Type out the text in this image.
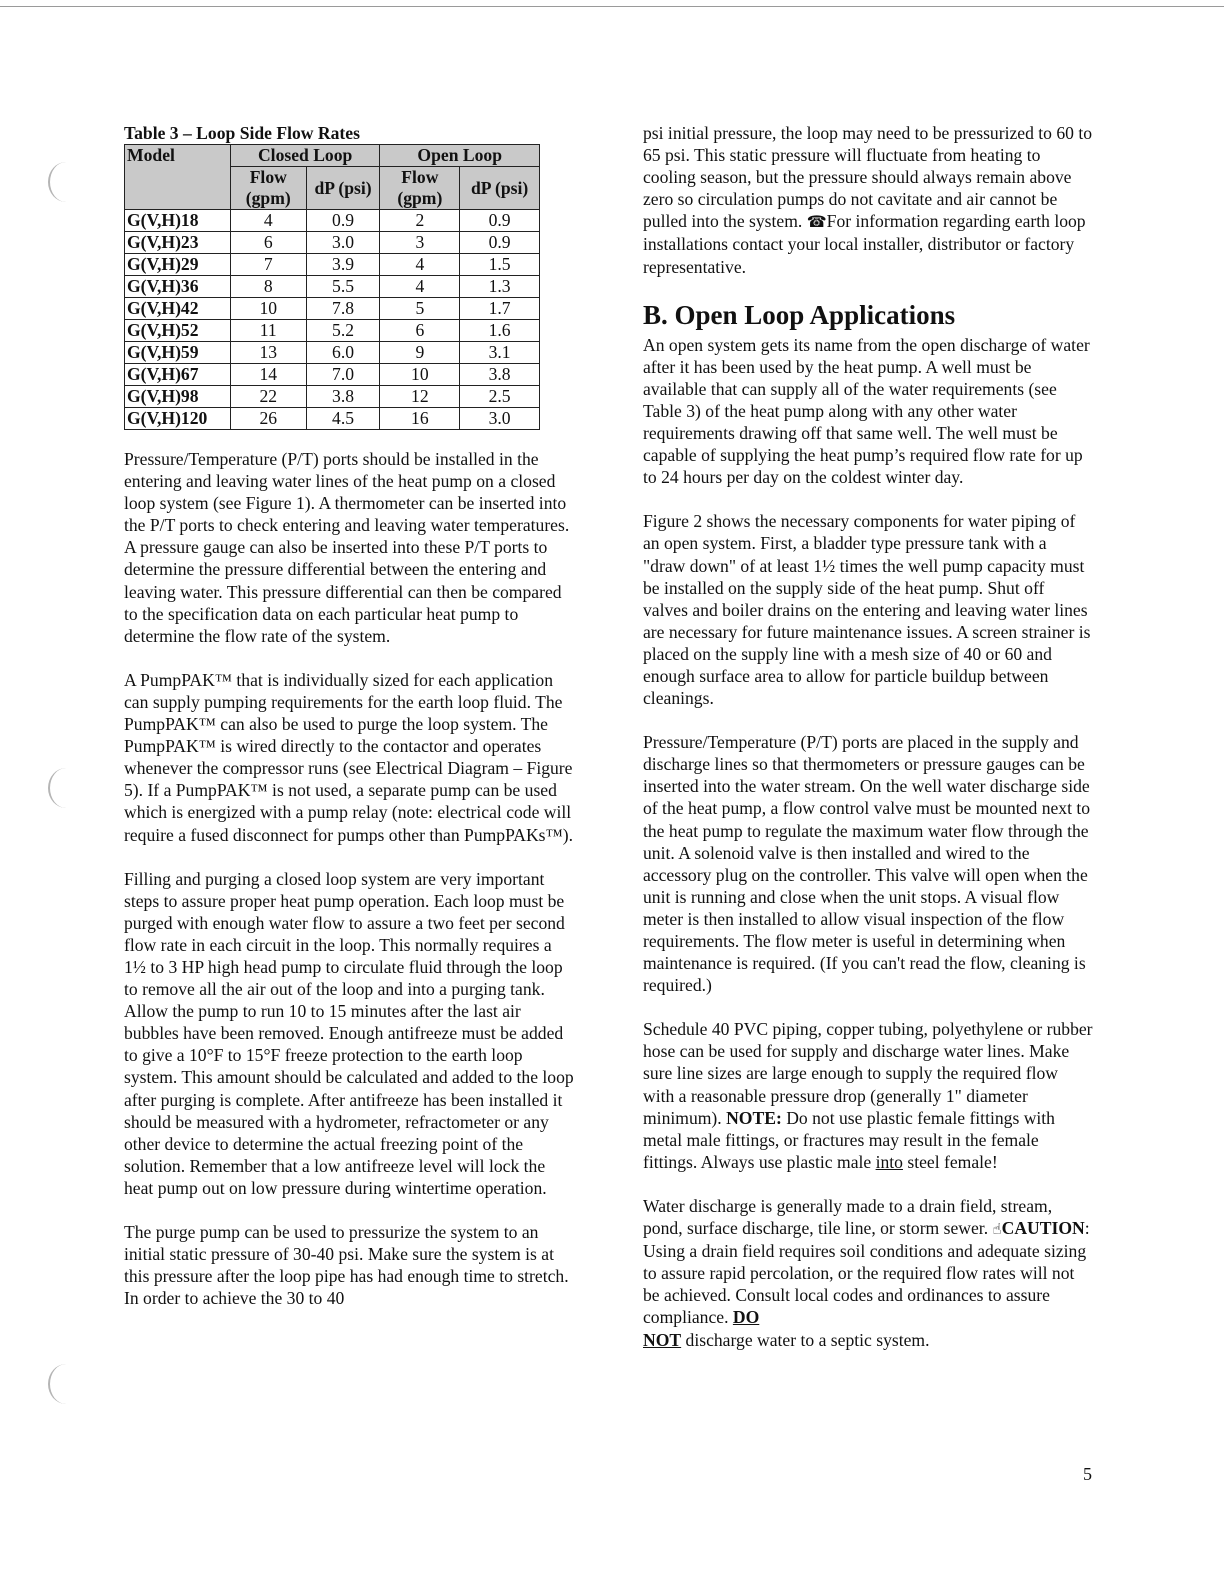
Table 3 – Loop Side Flow Rates
Model	Closed Loop		Open Loop	
	Flow (gpm)	dP (psi)	Flow (gpm)	dP (psi)
G(V,H)18	4	0.9	2	0.9
G(V,H)23	6	3.0	3	0.9
G(V,H)29	7	3.9	4	1.5
G(V,H)36	8	5.5	4	1.3
G(V,H)42	10	7.8	5	1.7
G(V,H)52	11	5.2	6	1.6
G(V,H)59	13	6.0	9	3.1
G(V,H)67	14	7.0	10	3.8
G(V,H)98	22	3.8	12	2.5
G(V,H)120	26	4.5	16	3.0

Pressure/Temperature (P/T) ports should be installed in the entering and leaving water lines of the heat pump on a closed loop system (see Figure 1). A thermometer can be inserted into the P/T ports to check entering and leaving water temperatures. A pressure gauge can also be inserted into these P/T ports to determine the pressure differential between the entering and leaving water. This pressure differential can then be compared to the specification data on each particular heat pump to determine the flow rate of the system.

A PumpPAK™ that is individually sized for each application can supply pumping requirements for the earth loop fluid. The PumpPAK™ can also be used to purge the loop system. The PumpPAK™ is wired directly to the contactor and operates whenever the compressor runs (see Electrical Diagram – Figure 5). If a PumpPAK™ is not used, a separate pump can be used which is energized with a pump relay (note: electrical code will require a fused disconnect for pumps other than PumpPAKs™).

Filling and purging a closed loop system are very important steps to assure proper heat pump operation. Each loop must be purged with enough water flow to assure a two feet per second flow rate in each circuit in the loop. This normally requires a 1½ to 3 HP high head pump to circulate fluid through the loop to remove all the air out of the loop and into a purging tank. Allow the pump to run 10 to 15 minutes after the last air bubbles have been removed. Enough antifreeze must be added to give a 10°F to 15°F freeze protection to the earth loop system. This amount should be calculated and added to the loop after purging is complete. After antifreeze has been installed it should be measured with a hydrometer, refractometer or any other device to determine the actual freezing point of the solution. Remember that a low antifreeze level will lock the heat pump out on low pressure during wintertime operation.

The purge pump can be used to pressurize the system to an initial static pressure of 30-40 psi. Make sure the system is at this pressure after the loop pipe has had enough time to stretch. In order to achieve the 30 to 40

psi initial pressure, the loop may need to be pressurized to 60 to 65 psi. This static pressure will fluctuate from heating to cooling season, but the pressure should always remain above zero so circulation pumps do not cavitate and air cannot be pulled into the system. ☎For information regarding earth loop installations contact your local installer, distributor or factory representative.

B. Open Loop Applications

An open system gets its name from the open discharge of water after it has been used by the heat pump. A well must be available that can supply all of the water requirements (see Table 3) of the heat pump along with any other water requirements drawing off that same well. The well must be capable of supplying the heat pump’s required flow rate for up to 24 hours per day on the coldest winter day.

Figure 2 shows the necessary components for water piping of an open system. First, a bladder type pressure tank with a "draw down" of at least 1½ times the well pump capacity must be installed on the supply side of the heat pump. Shut off valves and boiler drains on the entering and leaving water lines are necessary for future maintenance issues. A screen strainer is placed on the supply line with a mesh size of 40 or 60 and enough surface area to allow for particle buildup between cleanings.

Pressure/Temperature (P/T) ports are placed in the supply and discharge lines so that thermometers or pressure gauges can be inserted into the water stream. On the well water discharge side of the heat pump, a flow control valve must be mounted next to the heat pump to regulate the maximum water flow through the unit. A solenoid valve is then installed and wired to the accessory plug on the controller. This valve will open when the unit is running and close when the unit stops. A visual flow meter is then installed to allow visual inspection of the flow requirements. The flow meter is useful in determining when maintenance is required. (If you can't read the flow, cleaning is required.)

Schedule 40 PVC piping, copper tubing, polyethylene or rubber hose can be used for supply and discharge water lines. Make sure line sizes are large enough to supply the required flow with a reasonable pressure drop (generally 1" diameter minimum). NOTE: Do not use plastic female fittings with metal male fittings, or fractures may result in the female fittings. Always use plastic male into steel female!

Water discharge is generally made to a drain field, stream, pond, surface discharge, tile line, or storm sewer. ☝CAUTION: Using a drain field requires soil conditions and adequate sizing to assure rapid percolation, or the required flow rates will not be achieved. Consult local codes and ordinances to assure compliance. DO
NOT discharge water to a septic system.

5
